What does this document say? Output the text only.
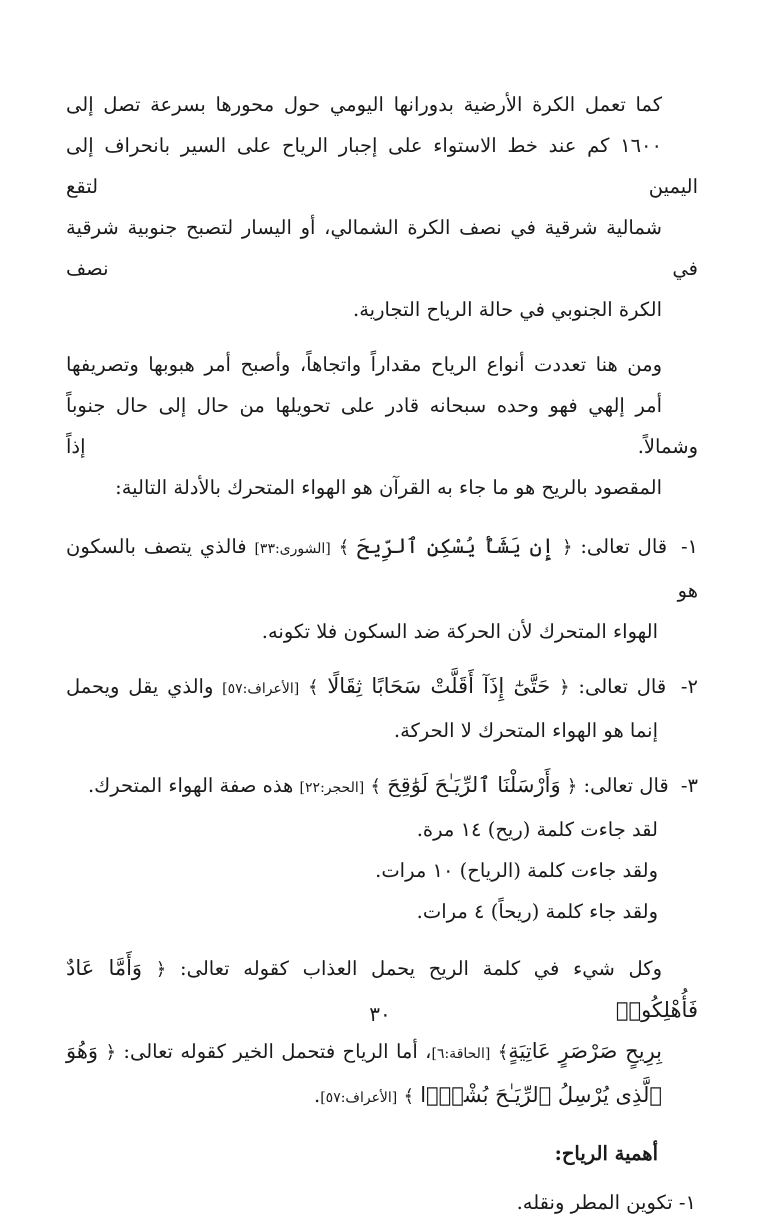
كما تعمل الكرة الأرضية بدورانها اليومي حول محورها بسرعة تصل إلى
١٦٠٠ كم عند خط الاستواء على إجبار الرياح على السير بانحراف إلى اليمين لتقع
شمالية شرقية في نصف الكرة الشمالي، أو اليسار لتصبح جنوبية شرقية في نصف
الكرة الجنوبي في حالة الرياح التجارية.

ومن هنا تعددت أنواع الرياح مقداراً واتجاهاً، وأصبح أمر هبوبها وتصريفها
أمر إلهي فهو وحده سبحانه قادر على تحويلها من حال إلى حال جنوباً وشمالاً. إذاً
المقصود بالريح هو ما جاء به القرآن هو الهواء المتحرك بالأدلة التالية:

١- قال تعالى: ﴿ إِن يَشَأْ يُسْكِنِ ٱلرِّيحَ ﴾ [الشورى:٣٣] فالذي يتصف بالسكون هو
الهواء المتحرك لأن الحركة ضد السكون فلا تكونه.
٢- قال تعالى: ﴿ حَتَّىٰٓ إِذَآ أَقَلَّتْ سَحَابًا ثِقَالًا ﴾ [الأعراف:٥٧] والذي يقل ويحمل
إنما هو الهواء المتحرك لا الحركة.
٣- قال تعالى: ﴿ وَأَرْسَلْنَا ٱلرِّيَـٰحَ لَوَٰقِحَ ﴾ [الحجر:٢٢] هذه صفة الهواء المتحرك.
لقد جاءت كلمة (ريح) ١٤ مرة.
ولقد جاءت كلمة (الرياح) ١٠ مرات.
ولقد جاء كلمة (ريحاً) ٤ مرات.

وكل شيء في كلمة الريح يحمل العذاب كقوله تعالى: ﴿ وَأَمَّا عَادٌ فَأُهْلِكُوا۟
بِرِيحٍ صَرْصَرٍ عَاتِيَةٍ﴾ [الحاقة:٦]، أما الرياح فتحمل الخير كقوله تعالى: ﴿ وَهُوَ
ٱلَّذِى يُرْسِلُ ٱلرِّيَـٰحَ بُشْرًۢا ﴾ [الأعراف:٥٧].

أهمية الرياح:
١- تكوين المطر ونقله.
٣٠
